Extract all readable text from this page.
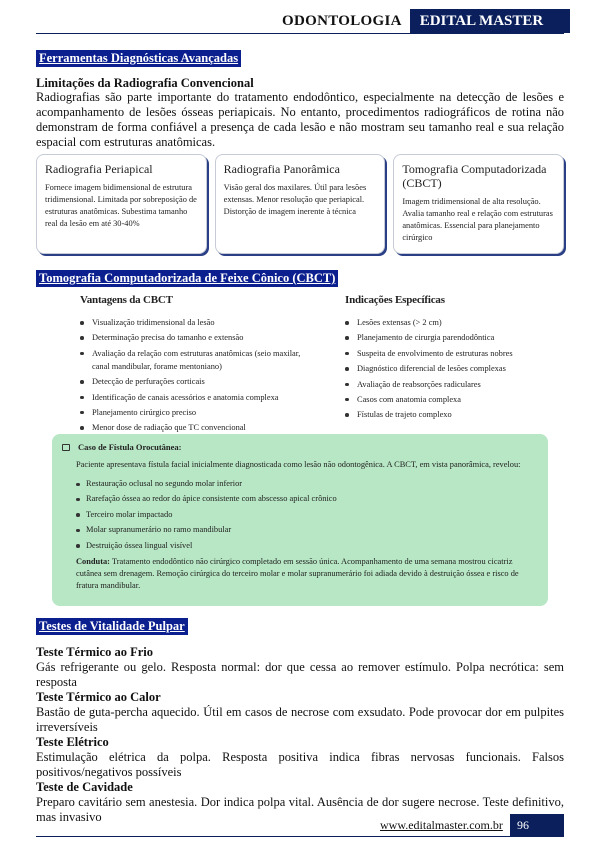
ODONTOLOGIA	EDITAL MASTER
Ferramentas Diagnósticas Avançadas
Limitações da Radiografia Convencional
Radiografias são parte importante do tratamento endodôntico, especialmente na detecção de lesões e acompanhamento de lesões ósseas periapicais. No entanto, procedimentos radiográficos de rotina não demonstram de forma confiável a presença de cada lesão e não mostram seu tamanho real e sua relação espacial com estruturas anatômicas.
Radiografia Periapical
Fornece imagem bidimensional de estrutura tridimensional. Limitada por sobreposição de estruturas anatômicas. Subestima tamanho real da lesão em até 30-40%
Radiografia Panorâmica
Visão geral dos maxilares. Útil para lesões extensas. Menor resolução que periapical. Distorção de imagem inerente à técnica
Tomografia Computadorizada (CBCT)
Imagem tridimensional de alta resolução. Avalia tamanho real e relação com estruturas anatômicas. Essencial para planejamento cirúrgico
Tomografia Computadorizada de Feixe Cônico (CBCT)
Vantagens da CBCT
Visualização tridimensional da lesão
Determinação precisa do tamanho e extensão
Avaliação da relação com estruturas anatômicas (seio maxilar, canal mandibular, forame mentoniano)
Detecção de perfurações corticais
Identificação de canais acessórios e anatomia complexa
Planejamento cirúrgico preciso
Menor dose de radiação que TC convencional
Indicações Específicas
Lesões extensas (> 2 cm)
Planejamento de cirurgia parendodôntica
Suspeita de envolvimento de estruturas nobres
Diagnóstico diferencial de lesões complexas
Avaliação de reabsorções radiculares
Casos com anatomia complexa
Fístulas de trajeto complexo
Caso de Fístula Orocutânea:
Paciente apresentava fístula facial inicialmente diagnosticada como lesão não odontogênica. A CBCT, em vista panorâmica, revelou:
Restauração oclusal no segundo molar inferior
Rarefação óssea ao redor do ápice consistente com abscesso apical crônico
Terceiro molar impactado
Molar supranumerário no ramo mandibular
Destruição óssea lingual visível
Conduta: Tratamento endodôntico não cirúrgico completado em sessão única. Acompanhamento de uma semana mostrou cicatriz cutânea sem drenagem. Remoção cirúrgica do terceiro molar e molar supranumerário foi adiada devido à destruição óssea e risco de fratura mandibular.
Testes de Vitalidade Pulpar
Teste Térmico ao Frio
Gás refrigerante ou gelo. Resposta normal: dor que cessa ao remover estímulo. Polpa necrótica: sem resposta
Teste Térmico ao Calor
Bastão de guta-percha aquecido. Útil em casos de necrose com exsudato. Pode provocar dor em pulpites irreversíveis
Teste Elétrico
Estimulação elétrica da polpa. Resposta positiva indica fibras nervosas funcionais. Falsos positivos/negativos possíveis
Teste de Cavidade
Preparo cavitário sem anestesia. Dor indica polpa vital. Ausência de dor sugere necrose. Teste definitivo, mas invasivo
www.editalmaster.com.br	96
